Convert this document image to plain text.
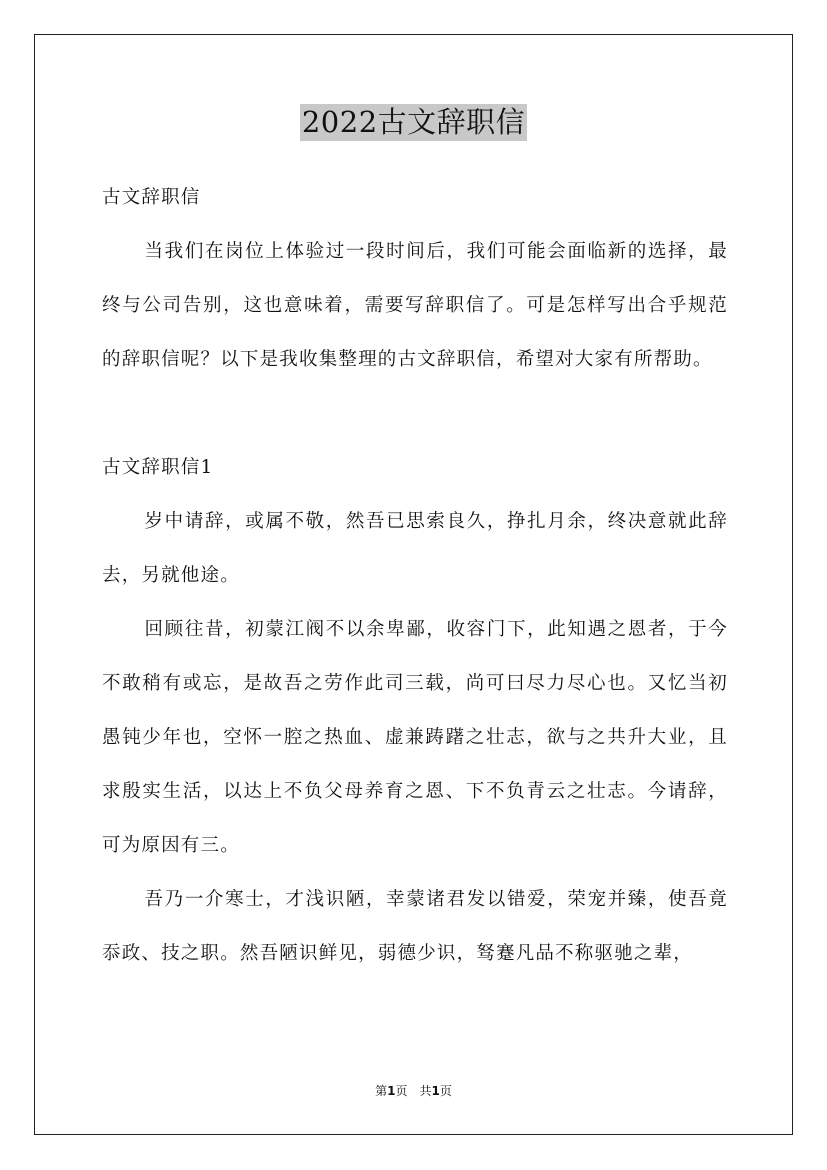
2022古文辞职信

古文辞职信

当我们在岗位上体验过一段时间后，我们可能会面临新的选择，最终与公司告别，这也意味着，需要写辞职信了。可是怎样写出合乎规范的辞职信呢？以下是我收集整理的古文辞职信，希望对大家有所帮助。

古文辞职信1

岁中请辞，或属不敬，然吾已思索良久，挣扎月余，终决意就此辞去，另就他途。

回顾往昔，初蒙江阀不以余卑鄙，收容门下，此知遇之恩者，于今不敢稍有或忘，是故吾之劳作此司三载，尚可曰尽力尽心也。又忆当初愚钝少年也，空怀一腔之热血、虚兼踌躇之壮志，欲与之共升大业，且求殷实生活，以达上不负父母养育之恩、下不负青云之壮志。今请辞，可为原因有三。

吾乃一介寒士，才浅识陋，幸蒙诸君发以错爱，荣宠并臻，使吾竟忝政、技之职。然吾陋识鲜见，弱德少识，驽蹇凡品不称驱驰之辈，

第1页 共1页
